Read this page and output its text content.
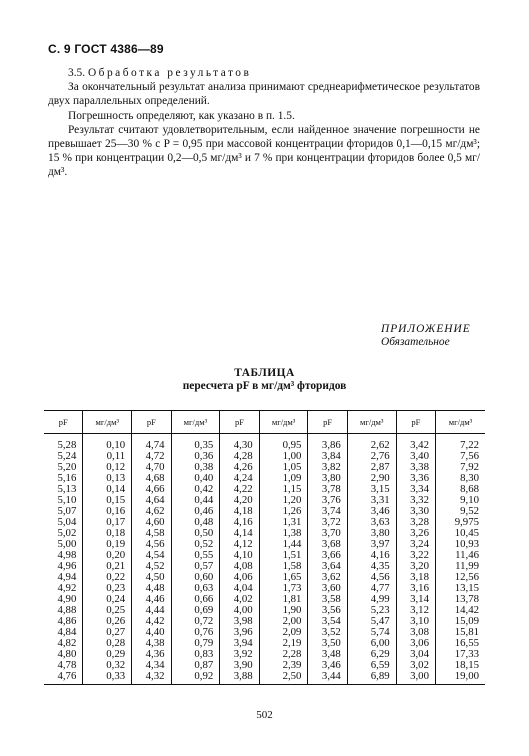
С. 9 ГОСТ 4386—89

3.5. Обработка результатов

За окончательный результат анализа принимают среднеарифметическое результатов двух параллельных определений.

Погрешность определяют, как указано в п. 1.5.

Результат считают удовлетворительным, если найденное значение погрешности не превышает 25—30 % с P = 0,95 при массовой концентрации фторидов 0,1—0,15 мг/дм³; 15 % при концентрации 0,2—0,5 мг/дм³ и 7 % при концентрации фторидов более 0,5 мг/дм³.

ПРИЛОЖЕНИЕ
Обязательное
ТАБЛИЦА
пересчета pF в мг/дм³ фторидов
pF	мг/дм³	pF	мг/дм³	pF	мг/дм³	pF	мг/дм³	pF	мг/дм³
5,28	0,10	4,74	0,35	4,30	0,95	3,86	2,62	3,42	7,22
5,24	0,11	4,72	0,36	4,28	1,00	3,84	2,76	3,40	7,56
5,20	0,12	4,70	0,38	4,26	1,05	3,82	2,87	3,38	7,92
5,16	0,13	4,68	0,40	4,24	1,09	3,80	2,90	3,36	8,30
5,13	0,14	4,66	0,42	4,22	1,15	3,78	3,15	3,34	8,68
5,10	0,15	4,64	0,44	4,20	1,20	3,76	3,31	3,32	9,10
5,07	0,16	4,62	0,46	4,18	1,26	3,74	3,46	3,30	9,52
5,04	0,17	4,60	0,48	4,16	1,31	3,72	3,63	3,28	9,975
5,02	0,18	4,58	0,50	4,14	1,38	3,70	3,80	3,26	10,45
5,00	0,19	4,56	0,52	4,12	1,44	3,68	3,97	3,24	10,93
4,98	0,20	4,54	0,55	4,10	1,51	3,66	4,16	3,22	11,46
4,96	0,21	4,52	0,57	4,08	1,58	3,64	4,35	3,20	11,99
4,94	0,22	4,50	0,60	4,06	1,65	3,62	4,56	3,18	12,56
4,92	0,23	4,48	0,63	4,04	1,73	3,60	4,77	3,16	13,15
4,90	0,24	4,46	0,66	4,02	1,81	3,58	4,99	3,14	13,78
4,88	0,25	4,44	0,69	4,00	1,90	3,56	5,23	3,12	14,42
4,86	0,26	4,42	0,72	3,98	2,00	3,54	5,47	3,10	15,09
4,84	0,27	4,40	0,76	3,96	2,09	3,52	5,74	3,08	15,81
4,82	0,28	4,38	0,79	3,94	2,19	3,50	6,00	3,06	16,55
4,80	0,29	4,36	0,83	3,92	2,28	3,48	6,29	3,04	17,33
4,78	0,32	4,34	0,87	3,90	2,39	3,46	6,59	3,02	18,15
4,76	0,33	4,32	0,92	3,88	2,50	3,44	6,89	3,00	19,00
502
